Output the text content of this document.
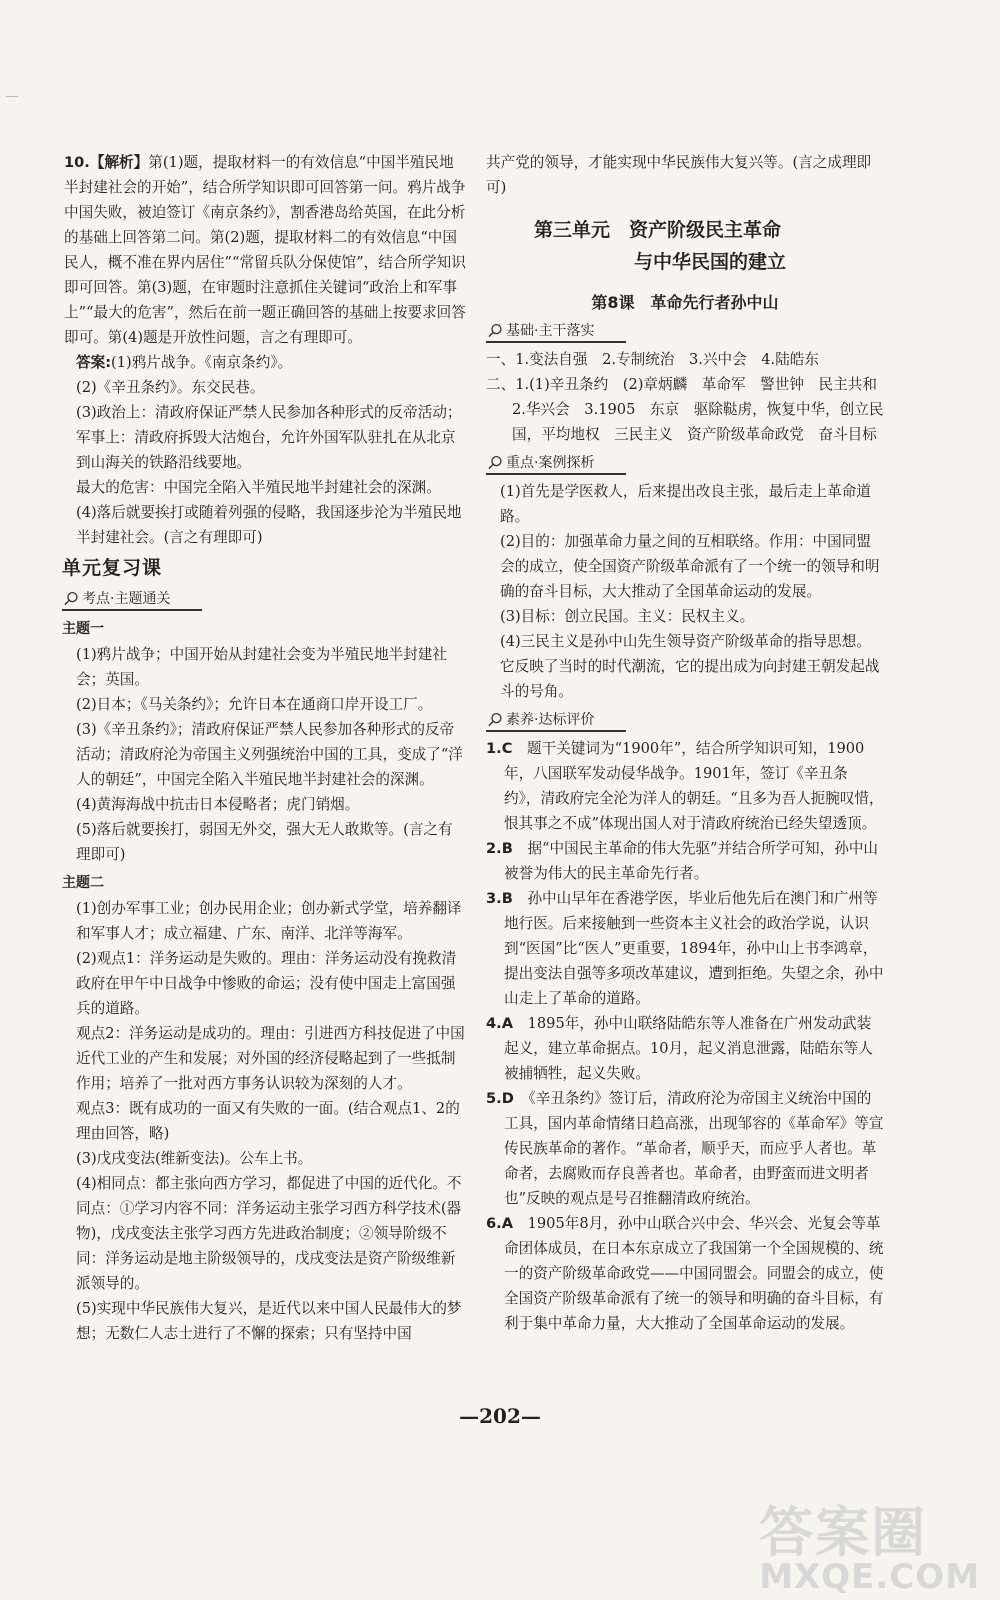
10.【解析】第(1)题，提取材料一的有效信息“中国半殖民地半封建社会的开始”，结合所学知识即可回答第一问。鸦片战争中国失败，被迫签订《南京条约》，割香港岛给英国，在此分析的基础上回答第二问。第(2)题，提取材料二的有效信息“中国民人，概不准在界内居住”“常留兵队分保使馆”，结合所学知识即可回答。第(3)题，在审题时注意抓住关键词“政治上和军事上”“最大的危害”，然后在前一题正确回答的基础上按要求回答即可。第(4)题是开放性问题，言之有理即可。

答案:(1)鸦片战争。《南京条约》。

(2)《辛丑条约》。东交民巷。

(3)政治上：清政府保证严禁人民参加各种形式的反帝活动；军事上：清政府拆毁大沽炮台，允许外国军队驻扎在从北京到山海关的铁路沿线要地。

最大的危害：中国完全陷入半殖民地半封建社会的深渊。

(4)落后就要挨打或随着列强的侵略，我国逐步沦为半殖民地半封建社会。(言之有理即可)

单元复习课
考点·主题通关
主题一

(1)鸦片战争；中国开始从封建社会变为半殖民地半封建社会；英国。

(2)日本；《马关条约》；允许日本在通商口岸开设工厂。

(3)《辛丑条约》；清政府保证严禁人民参加各种形式的反帝活动；清政府沦为帝国主义列强统治中国的工具，变成了“洋人的朝廷”，中国完全陷入半殖民地半封建社会的深渊。

(4)黄海海战中抗击日本侵略者；虎门销烟。

(5)落后就要挨打，弱国无外交，强大无人敢欺等。(言之有理即可)

主题二

(1)创办军事工业；创办民用企业；创办新式学堂，培养翻译和军事人才；成立福建、广东、南洋、北洋等海军。

(2)观点1：洋务运动是失败的。理由：洋务运动没有挽救清政府在甲午中日战争中惨败的命运；没有使中国走上富国强兵的道路。

观点2：洋务运动是成功的。理由：引进西方科技促进了中国近代工业的产生和发展；对外国的经济侵略起到了一些抵制作用；培养了一批对西方事务认识较为深刻的人才。

观点3：既有成功的一面又有失败的一面。(结合观点1、2的理由回答，略)

(3)戊戌变法(维新变法)。公车上书。

(4)相同点：都主张向西方学习，都促进了中国的近代化。不同点：①学习内容不同：洋务运动主张学习西方科学技术(器物)，戊戌变法主张学习西方先进政治制度；②领导阶级不同：洋务运动是地主阶级领导的，戊戌变法是资产阶级维新派领导的。

(5)实现中华民族伟大复兴，是近代以来中国人民最伟大的梦想；无数仁人志士进行了不懈的探索；只有坚持中国

共产党的领导，才能实现中华民族伟大复兴等。(言之成理即可)

第三单元　资产阶级民主革命
与中华民国的建立
第8课　革命先行者孙中山
基础·主干落实

一、1.变法自强　2.专制统治　3.兴中会　4.陆皓东

二、1.(1)辛丑条约　(2)章炳麟　革命军　警世钟　民主共和　2.华兴会　3.1905　东京　驱除鞑虏，恢复中华，创立民国，平均地权　三民主义　资产阶级革命政党　奋斗目标

重点·案例探析

(1)首先是学医救人，后来提出改良主张，最后走上革命道路。

(2)目的：加强革命力量之间的互相联络。作用：中国同盟会的成立，使全国资产阶级革命派有了一个统一的领导和明确的奋斗目标，大大推动了全国革命运动的发展。

(3)目标：创立民国。主义：民权主义。

(4)三民主义是孙中山先生领导资产阶级革命的指导思想。它反映了当时的时代潮流，它的提出成为向封建王朝发起战斗的号角。

素养·达标评价

1.C　 题干关键词为“1900年”，结合所学知识可知，1900年，八国联军发动侵华战争。1901年，签订《辛丑条约》，清政府完全沦为洋人的朝廷。“且多为吾人扼腕叹惜，恨其事之不成”体现出国人对于清政府统治已经失望透顶。

2.B　 据“中国民主革命的伟大先驱”并结合所学可知，孙中山被誉为伟大的民主革命先行者。

3.B　 孙中山早年在香港学医，毕业后他先后在澳门和广州等地行医。后来接触到一些资本主义社会的政治学说，认识到“医国”比“医人”更重要，1894年，孙中山上书李鸿章，提出变法自强等多项改革建议，遭到拒绝。失望之余，孙中山走上了革命的道路。

4.A　 1895年，孙中山联络陆皓东等人准备在广州发动武装起义，建立革命据点。10月，起义消息泄露，陆皓东等人被捕牺牲，起义失败。

5.D　 《辛丑条约》签订后，清政府沦为帝国主义统治中国的工具，国内革命情绪日趋高涨，出现邹容的《革命军》等宣传民族革命的著作。“革命者，顺乎天，而应乎人者也。革命者，去腐败而存良善者也。革命者，由野蛮而进文明者也”反映的观点是号召推翻清政府统治。

6.A　 1905年8月，孙中山联合兴中会、华兴会、光复会等革命团体成员，在日本东京成立了我国第一个全国规模的、统一的资产阶级革命政党——中国同盟会。同盟会的成立，使全国资产阶级革命派有了统一的领导和明确的奋斗目标，有利于集中革命力量，大大推动了全国革命运动的发展。

—202—
答案圈
MXQE.COM
